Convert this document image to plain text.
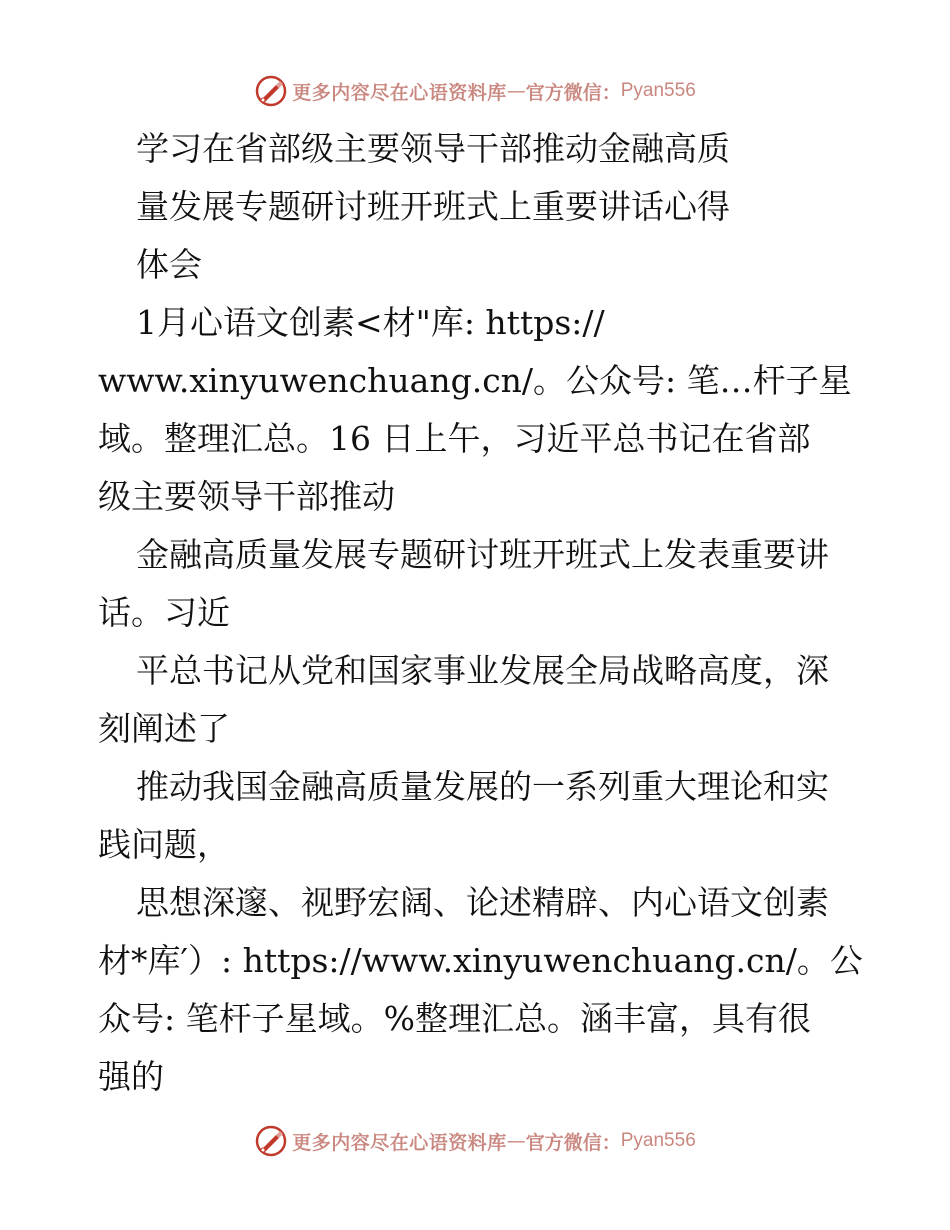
更多内容尽在心语资料库 — 官方微信： Pyan556
学习在省部级主要领导干部推动金融高质
量发展专题研讨班开班式上重要讲话心得
体会
1月心语文创素<材"库: https://
www.xinyuwenchuang.cn/。公众号: 笔…杆子星
域。整理汇总。16 日上午，习近平总书记在省部
级主要领导干部推动
金融高质量发展专题研讨班开班式上发表重要讲
话。习近
平总书记从党和国家事业发展全局战略高度，深
刻阐述了
推动我国金融高质量发展的一系列重大理论和实
践问题，
思想深邃、视野宏阔、论述精辟、内心语文创素
材*库′）: https://www.xinyuwenchuang.cn/。公
众号: 笔杆子星域。%整理汇总。涵丰富，具有很
强的
更多内容尽在心语资料库 — 官方微信： Pyan556
